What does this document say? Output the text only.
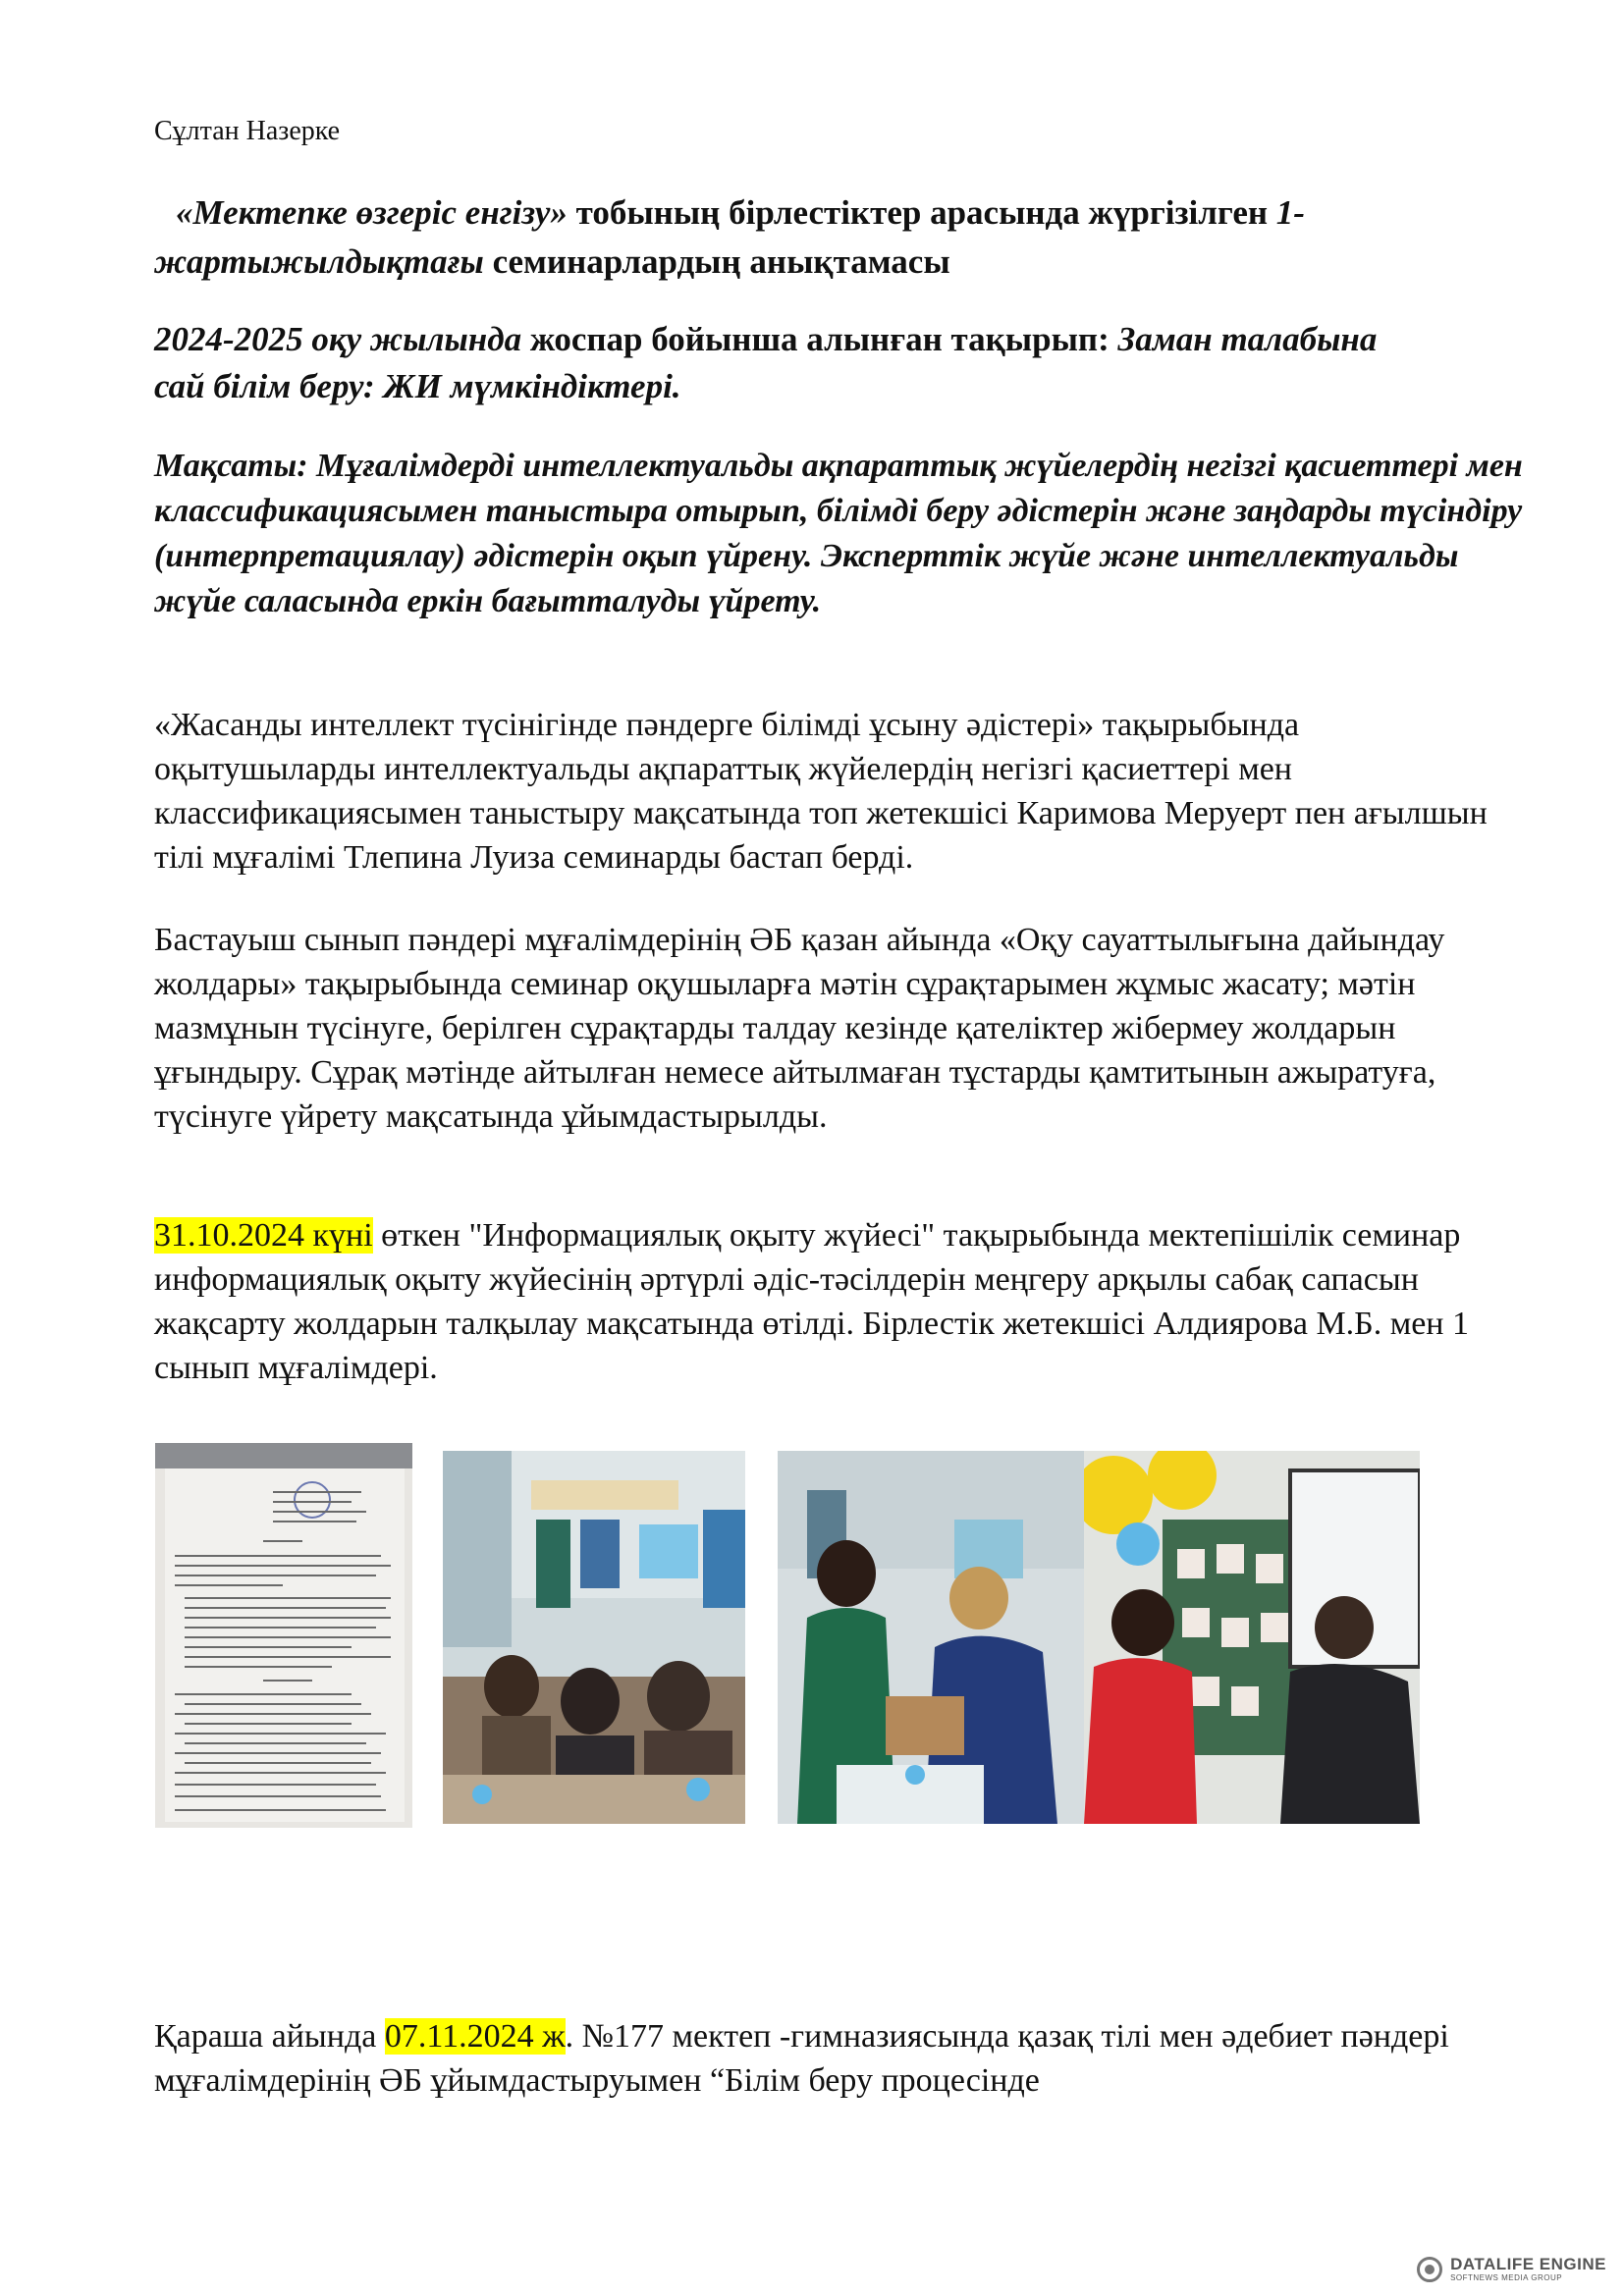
Сұлтан Назерке
«Мектепке өзгеріс енгізу» тобының бірлестіктер арасында жүргізілген 1-жартыжылдықтағы семинарлардың анықтамасы
2024-2025 оқу жылында жоспар бойынша алынған тақырып: Заман талабына сай білім беру: ЖИ мүмкіндіктері.
Мақсаты: Мұғалімдерді интеллектуальды ақпараттық жүйелердің негізгі қасиеттері мен классификациясымен таныстыра отырып, білімді беру әдістерін және заңдарды түсіндіру (интерпретациялау) әдістерін оқып үйрену. Эксперттік жүйе және интеллектуальды жүйе саласында еркін бағытталуды үйрету.
«Жасанды интеллект түсінігінде пәндерге білімді ұсыну әдістері» тақырыбында оқытушыларды интеллектуальды ақпараттық жүйелердің негізгі қасиеттері мен классификациясымен таныстыру мақсатында топ жетекшісі Каримова Меруерт пен ағылшын тілі мұғалімі Тлепина Луиза семинарды бастап берді.
Бастауыш сынып пәндері мұғалімдерінің ӘБ қазан айында «Оқу сауаттылығына дайындау жолдары» тақырыбында семинар оқушыларға мәтін сұрақтарымен жұмыс жасату; мәтін мазмұнын түсінуге, берілген сұрақтарды талдау кезінде қателіктер жібермеу жолдарын ұғындыру. Сұрақ мәтінде айтылған немесе айтылмаған тұстарды қамтитынын ажыратуға, түсінуге үйрету мақсатында ұйымдастырылды.
31.10.2024 күні өткен "Информациялық оқыту жүйесі" тақырыбында мектепішілік семинар информациялық оқыту жүйесінің әртүрлі әдіс-тәсілдерін меңгеру арқылы сабақ сапасын жақсарту жолдарын талқылау мақсатында өтілді. Бірлестік жетекшісі Алдиярова М.Б. мен 1 сынып мұғалімдері.
Қараша айында 07.11.2024 ж. №177 мектеп -гимназиясында қазақ тілі мен әдебиет пәндері мұғалімдерінің ӘБ ұйымдастыруымен “Білім беру процесінде
DATALIFE ENGINE
SOFTNEWS MEDIA GROUP
